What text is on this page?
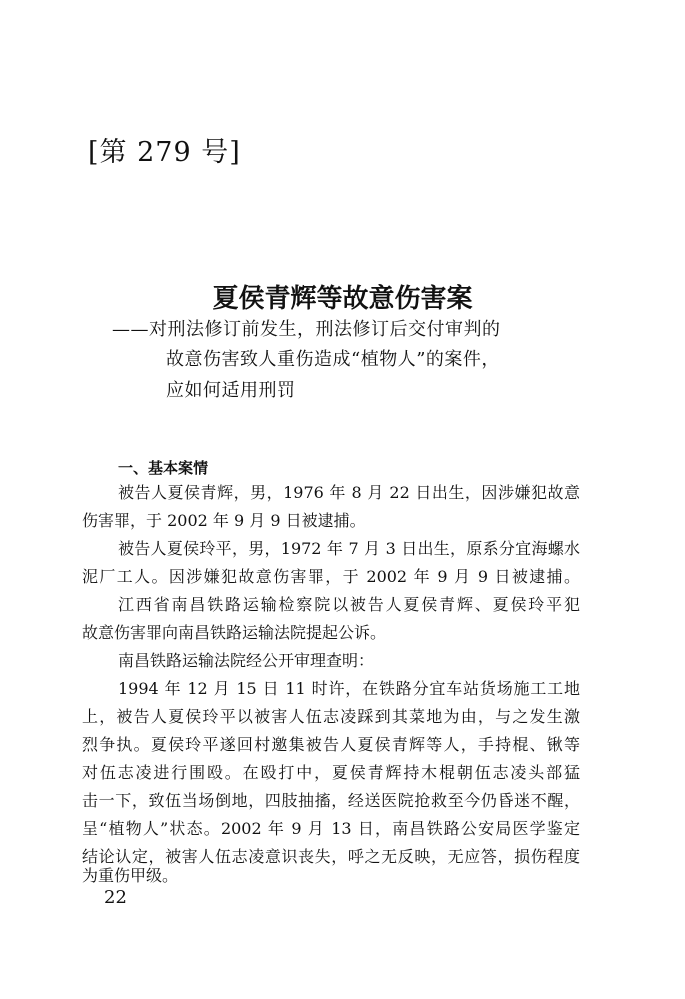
[第 279 号]
夏侯青辉等故意伤害案
——对刑法修订前发生，刑法修订后交付审判的
故意伤害致人重伤造成“植物人”的案件，
应如何适用刑罚
一、基本案情
被告人夏侯青辉，男，1976 年 8 月 22 日出生，因涉嫌犯故意
伤害罪，于 2002 年 9 月 9 日被逮捕。
被告人夏侯玲平，男，1972 年 7 月 3 日出生，原系分宜海螺水
泥厂工人。因涉嫌犯故意伤害罪，于 2002 年 9 月 9 日被逮捕。
江西省南昌铁路运输检察院以被告人夏侯青辉、夏侯玲平犯
故意伤害罪向南昌铁路运输法院提起公诉。
南昌铁路运输法院经公开审理查明：
1994 年 12 月 15 日 11 时许，在铁路分宜车站货场施工工地
上，被告人夏侯玲平以被害人伍志凌踩到其菜地为由，与之发生激
烈争执。夏侯玲平遂回村邀集被告人夏侯青辉等人，手持棍、锹等
对伍志凌进行围殴。在殴打中，夏侯青辉持木棍朝伍志凌头部猛
击一下，致伍当场倒地，四肢抽搐，经送医院抢救至今仍昏迷不醒，
呈“植物人”状态。2002 年 9 月 13 日，南昌铁路公安局医学鉴定
结论认定，被害人伍志凌意识丧失，呼之无反映，无应答，损伤程度
为重伤甲级。
22
